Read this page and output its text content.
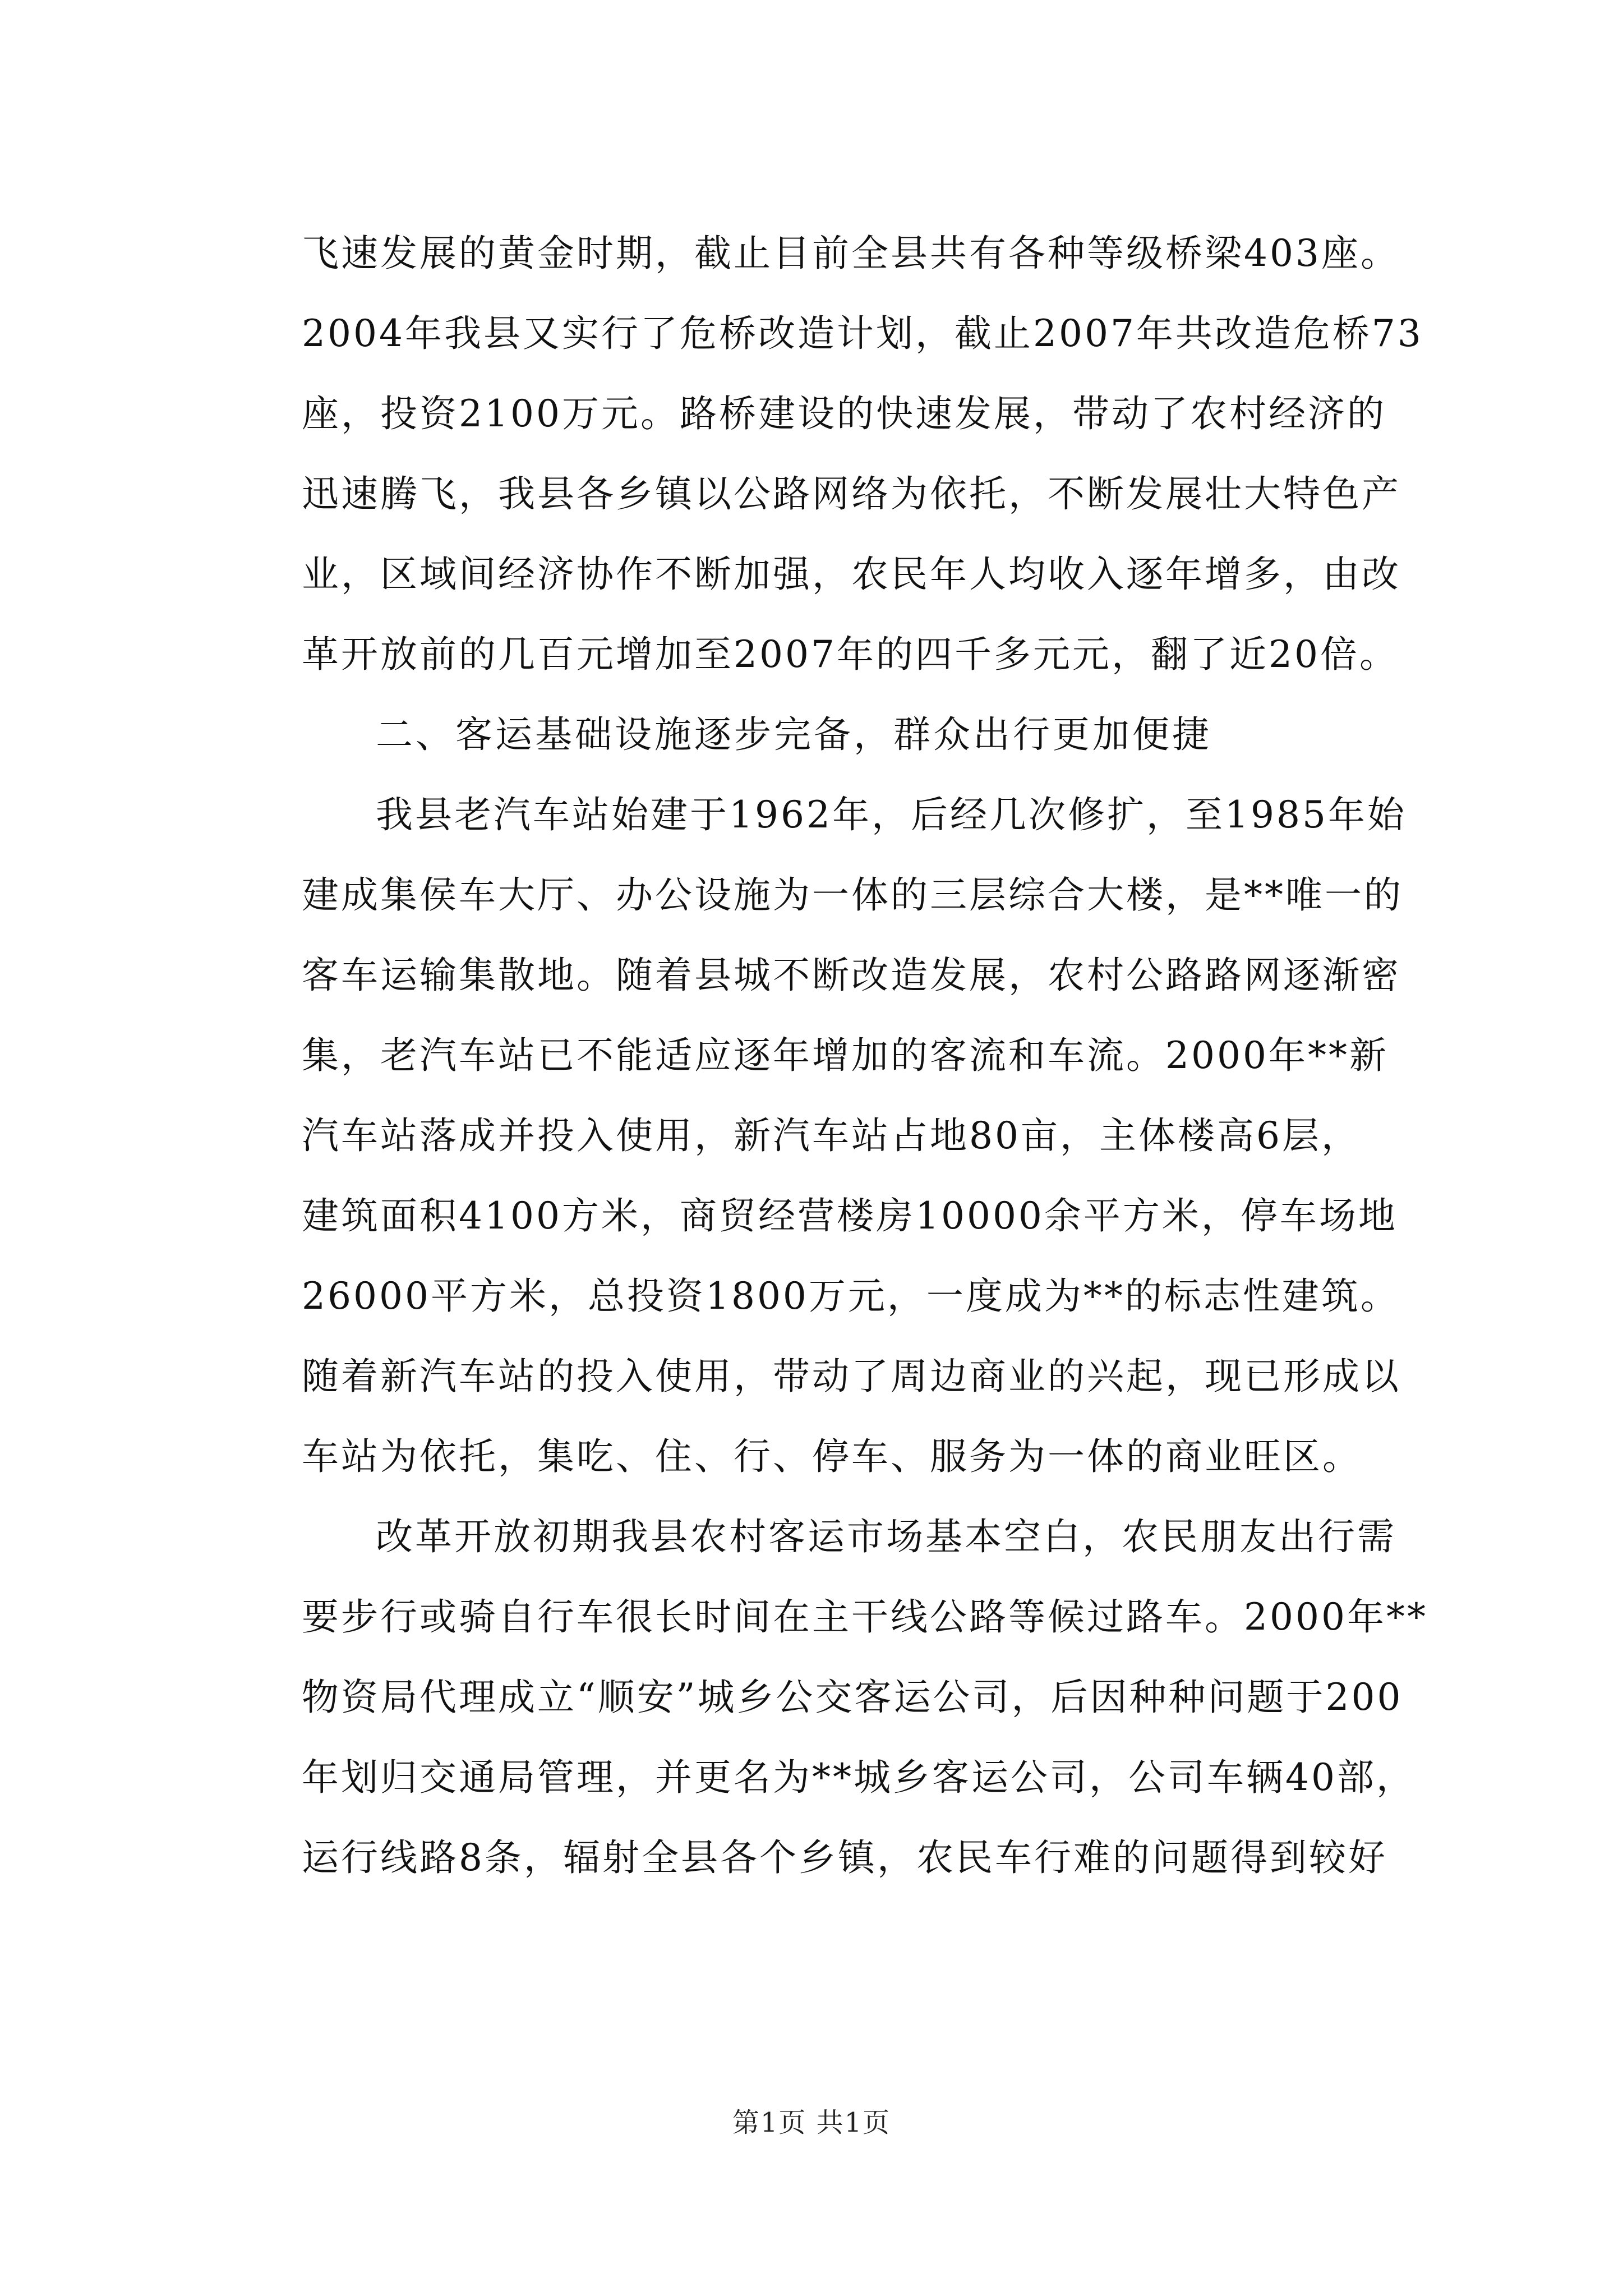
飞速发展的黄金时期，截止目前全县共有各种等级桥梁403座。
2004年我县又实行了危桥改造计划，截止2007年共改造危桥73
座，投资2100万元。路桥建设的快速发展，带动了农村经济的
迅速腾飞，我县各乡镇以公路网络为依托，不断发展壮大特色产
业，区域间经济协作不断加强，农民年人均收入逐年增多，由改
革开放前的几百元增加至2007年的四千多元元，翻了近20倍。
二、客运基础设施逐步完备，群众出行更加便捷
我县老汽车站始建于1962年，后经几次修扩，至1985年始
建成集侯车大厅、办公设施为一体的三层综合大楼，是**唯一的
客车运输集散地。随着县城不断改造发展，农村公路路网逐渐密
集，老汽车站已不能适应逐年增加的客流和车流。2000年**新
汽车站落成并投入使用，新汽车站占地80亩，主体楼高6层，
建筑面积4100方米，商贸经营楼房10000余平方米，停车场地
26000平方米，总投资1800万元，一度成为**的标志性建筑。
随着新汽车站的投入使用，带动了周边商业的兴起，现已形成以
车站为依托，集吃、住、行、停车、服务为一体的商业旺区。
改革开放初期我县农村客运市场基本空白，农民朋友出行需
要步行或骑自行车很长时间在主干线公路等候过路车。2000年**
物资局代理成立“顺安”城乡公交客运公司，后因种种问题于200
年划归交通局管理，并更名为**城乡客运公司，公司车辆40部，
运行线路8条，辐射全县各个乡镇，农民车行难的问题得到较好
第1页 共1页
